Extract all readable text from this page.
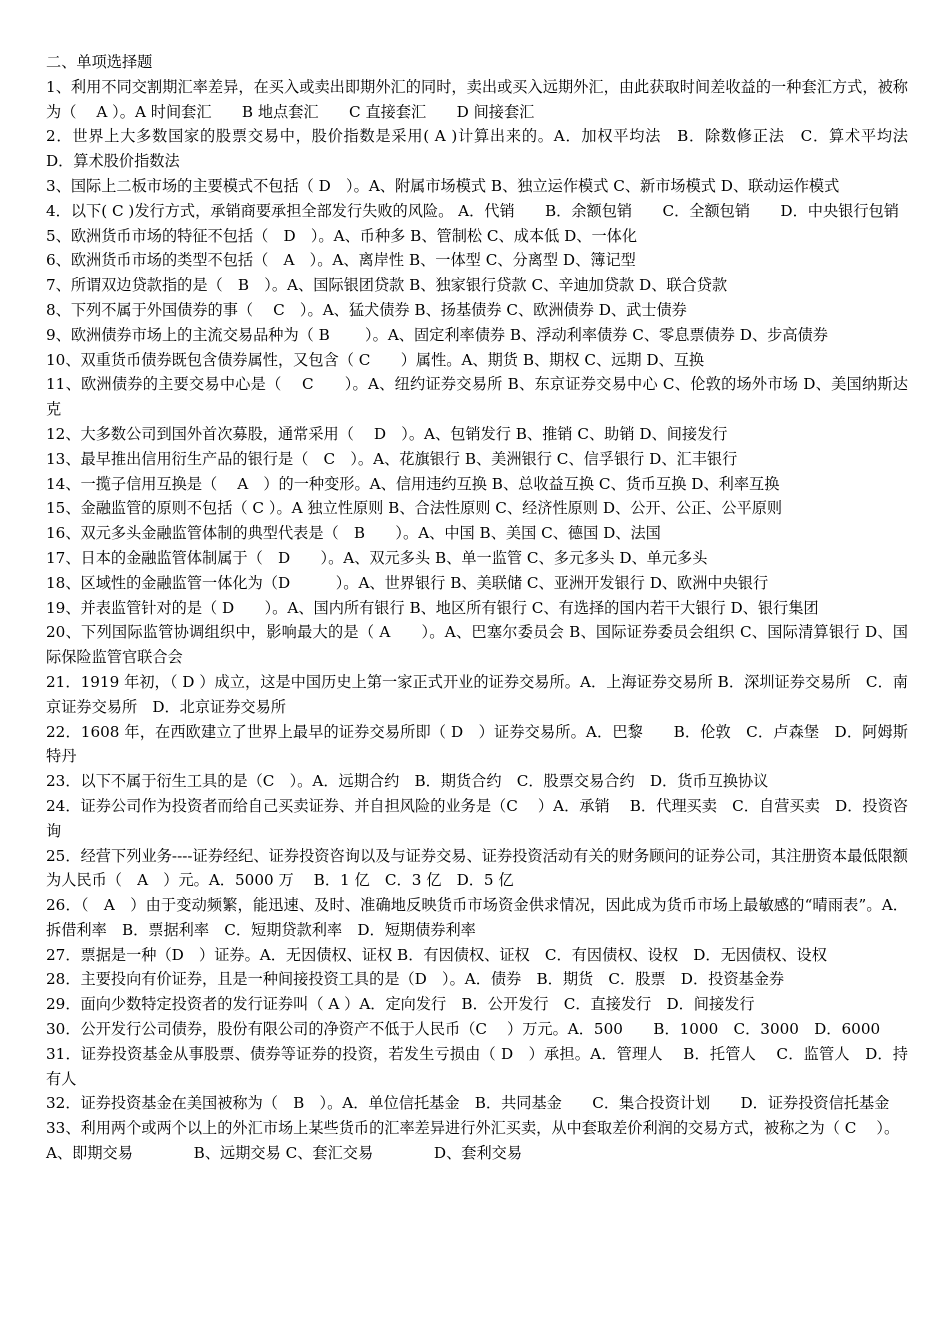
二、单项选择题

1、利用不同交割期汇率差异，在买入或卖出即期外汇的同时，卖出或买入远期外汇，由此获取时间差收益的一种套汇方式，被称为（　 A ）。A 时间套汇　　B 地点套汇　　C 直接套汇　　D 间接套汇

2．世界上大多数国家的股票交易中，股价指数是采用( A )计算出来的。A．加权平均法　B．除数修正法　C．算术平均法　　D．算术股价指数法

3、国际上二板市场的主要模式不包括（ D　）。A、附属市场模式 B、独立运作模式 C、新市场模式 D、联动运作模式

4．以下( C )发行方式，承销商要承担全部发行失败的风险。 A．代销　　B．余额包销　　C．全额包销　　D．中央银行包销

5、欧洲货币市场的特征不包括（　D　）。A、币种多 B、管制松 C、成本低 D、一体化

6、欧洲货币市场的类型不包括（　A　）。A、离岸性 B、一体型 C、分离型 D、簿记型

7、所谓双边贷款指的是（　B　）。A、国际银团贷款 B、独家银行贷款 C、辛迪加贷款 D、联合贷款

8、下列不属于外国债券的事（　 C　）。A、猛犬债券 B、扬基债券 C、欧洲债券 D、武士债券

9、欧洲债券市场上的主流交易品种为（ B　　 ）。A、固定利率债券 B、浮动利率债券 C、零息票债券 D、步高债券

10、双重货币债券既包含债券属性，又包含（ C　　）属性。A、期货 B、期权 C、远期 D、互换

11、欧洲债券的主要交易中心是（　 C　　）。A、纽约证券交易所 B、东京证券交易中心 C、伦敦的场外市场 D、美国纳斯达克

12、大多数公司到国外首次募股，通常采用（　 D　）。A、包销发行 B、推销 C、助销 D、间接发行

13、最早推出信用衍生产品的银行是（　C　）。A、花旗银行 B、美洲银行 C、信孚银行 D、汇丰银行

14、一揽子信用互换是（　 A　）的一种变形。A、信用违约互换 B、总收益互换 C、货币互换 D、利率互换

15、金融监管的原则不包括（ C ）。A 独立性原则 B、合法性原则 C、经济性原则 D、公开、公正、公平原则

16、双元多头金融监管体制的典型代表是（　B　　）。A、中国 B、美国 C、德国 D、法国

17、日本的金融监管体制属于（　D　　）。A、双元多头 B、单一监管 C、多元多头 D、单元多头

18、区域性的金融监管一体化为（D　　　）。A、世界银行 B、美联储 C、亚洲开发银行 D、欧洲中央银行

19、并表监管针对的是（ D　　）。A、国内所有银行 B、地区所有银行 C、有选择的国内若干大银行 D、银行集团

20、下列国际监管协调组织中，影响最大的是（ A　　）。A、巴塞尔委员会 B、国际证券委员会组织 C、国际清算银行 D、国际保险监管官联合会

21．1919 年初，（ D ）成立，这是中国历史上第一家正式开业的证券交易所。A．上海证券交易所 B．深圳证券交易所　C．南京证券交易所　D．北京证券交易所

22．1608 年，在西欧建立了世界上最早的证券交易所即（ D　）证券交易所。A．巴黎　　B．伦敦　C．卢森堡　D．阿姆斯特丹

23．以下不属于衍生工具的是（C　）。A．远期合约　B．期货合约　C．股票交易合约　D．货币互换协议

24．证券公司作为投资者而给自己买卖证券、并自担风险的业务是（C　 ）A．承销　 B．代理买卖　C．自营买卖　D．投资咨询

25．经营下列业务----证券经纪、证券投资咨询以及与证券交易、证券投资活动有关的财务顾问的证券公司，其注册资本最低限额为人民币（　A　）元。A．5000 万　 B．1 亿　C．3 亿　D．5 亿

26．（　A　）由于变动频繁，能迅速、及时、准确地反映货币市场资金供求情况，因此成为货币市场上最敏感的“晴雨表”。A．拆借利率　B．票据利率　C．短期贷款利率　D．短期债券利率

27．票据是一种（D　）证券。A．无因债权、证权 B．有因债权、证权　C．有因债权、设权　D．无因债权、设权

28．主要投向有价证券，且是一种间接投资工具的是（D　）。A．债券　B．期货　C．股票　D．投资基金券

29．面向少数特定投资者的发行证券叫（ A ）A．定向发行　B．公开发行　C．直接发行　D．间接发行

30．公开发行公司债券，股份有限公司的净资产不低于人民币（C　 ）万元。A．500　　B．1000　C．3000　D．6000

31．证券投资基金从事股票、债券等证券的投资，若发生亏损由（ D　）承担。A．管理人　 B．托管人　 C．监管人　D．持有人

32．证券投资基金在美国被称为（　B　）。A．单位信托基金　B．共同基金　　C．集合投资计划　　D．证券投资信托基金

33、利用两个或两个以上的外汇市场上某些货币的汇率差异进行外汇买卖，从中套取差价利润的交易方式，被称之为（ C　 ）。

A、即期交易　　　　B、远期交易 C、套汇交易　　　　D、套利交易
